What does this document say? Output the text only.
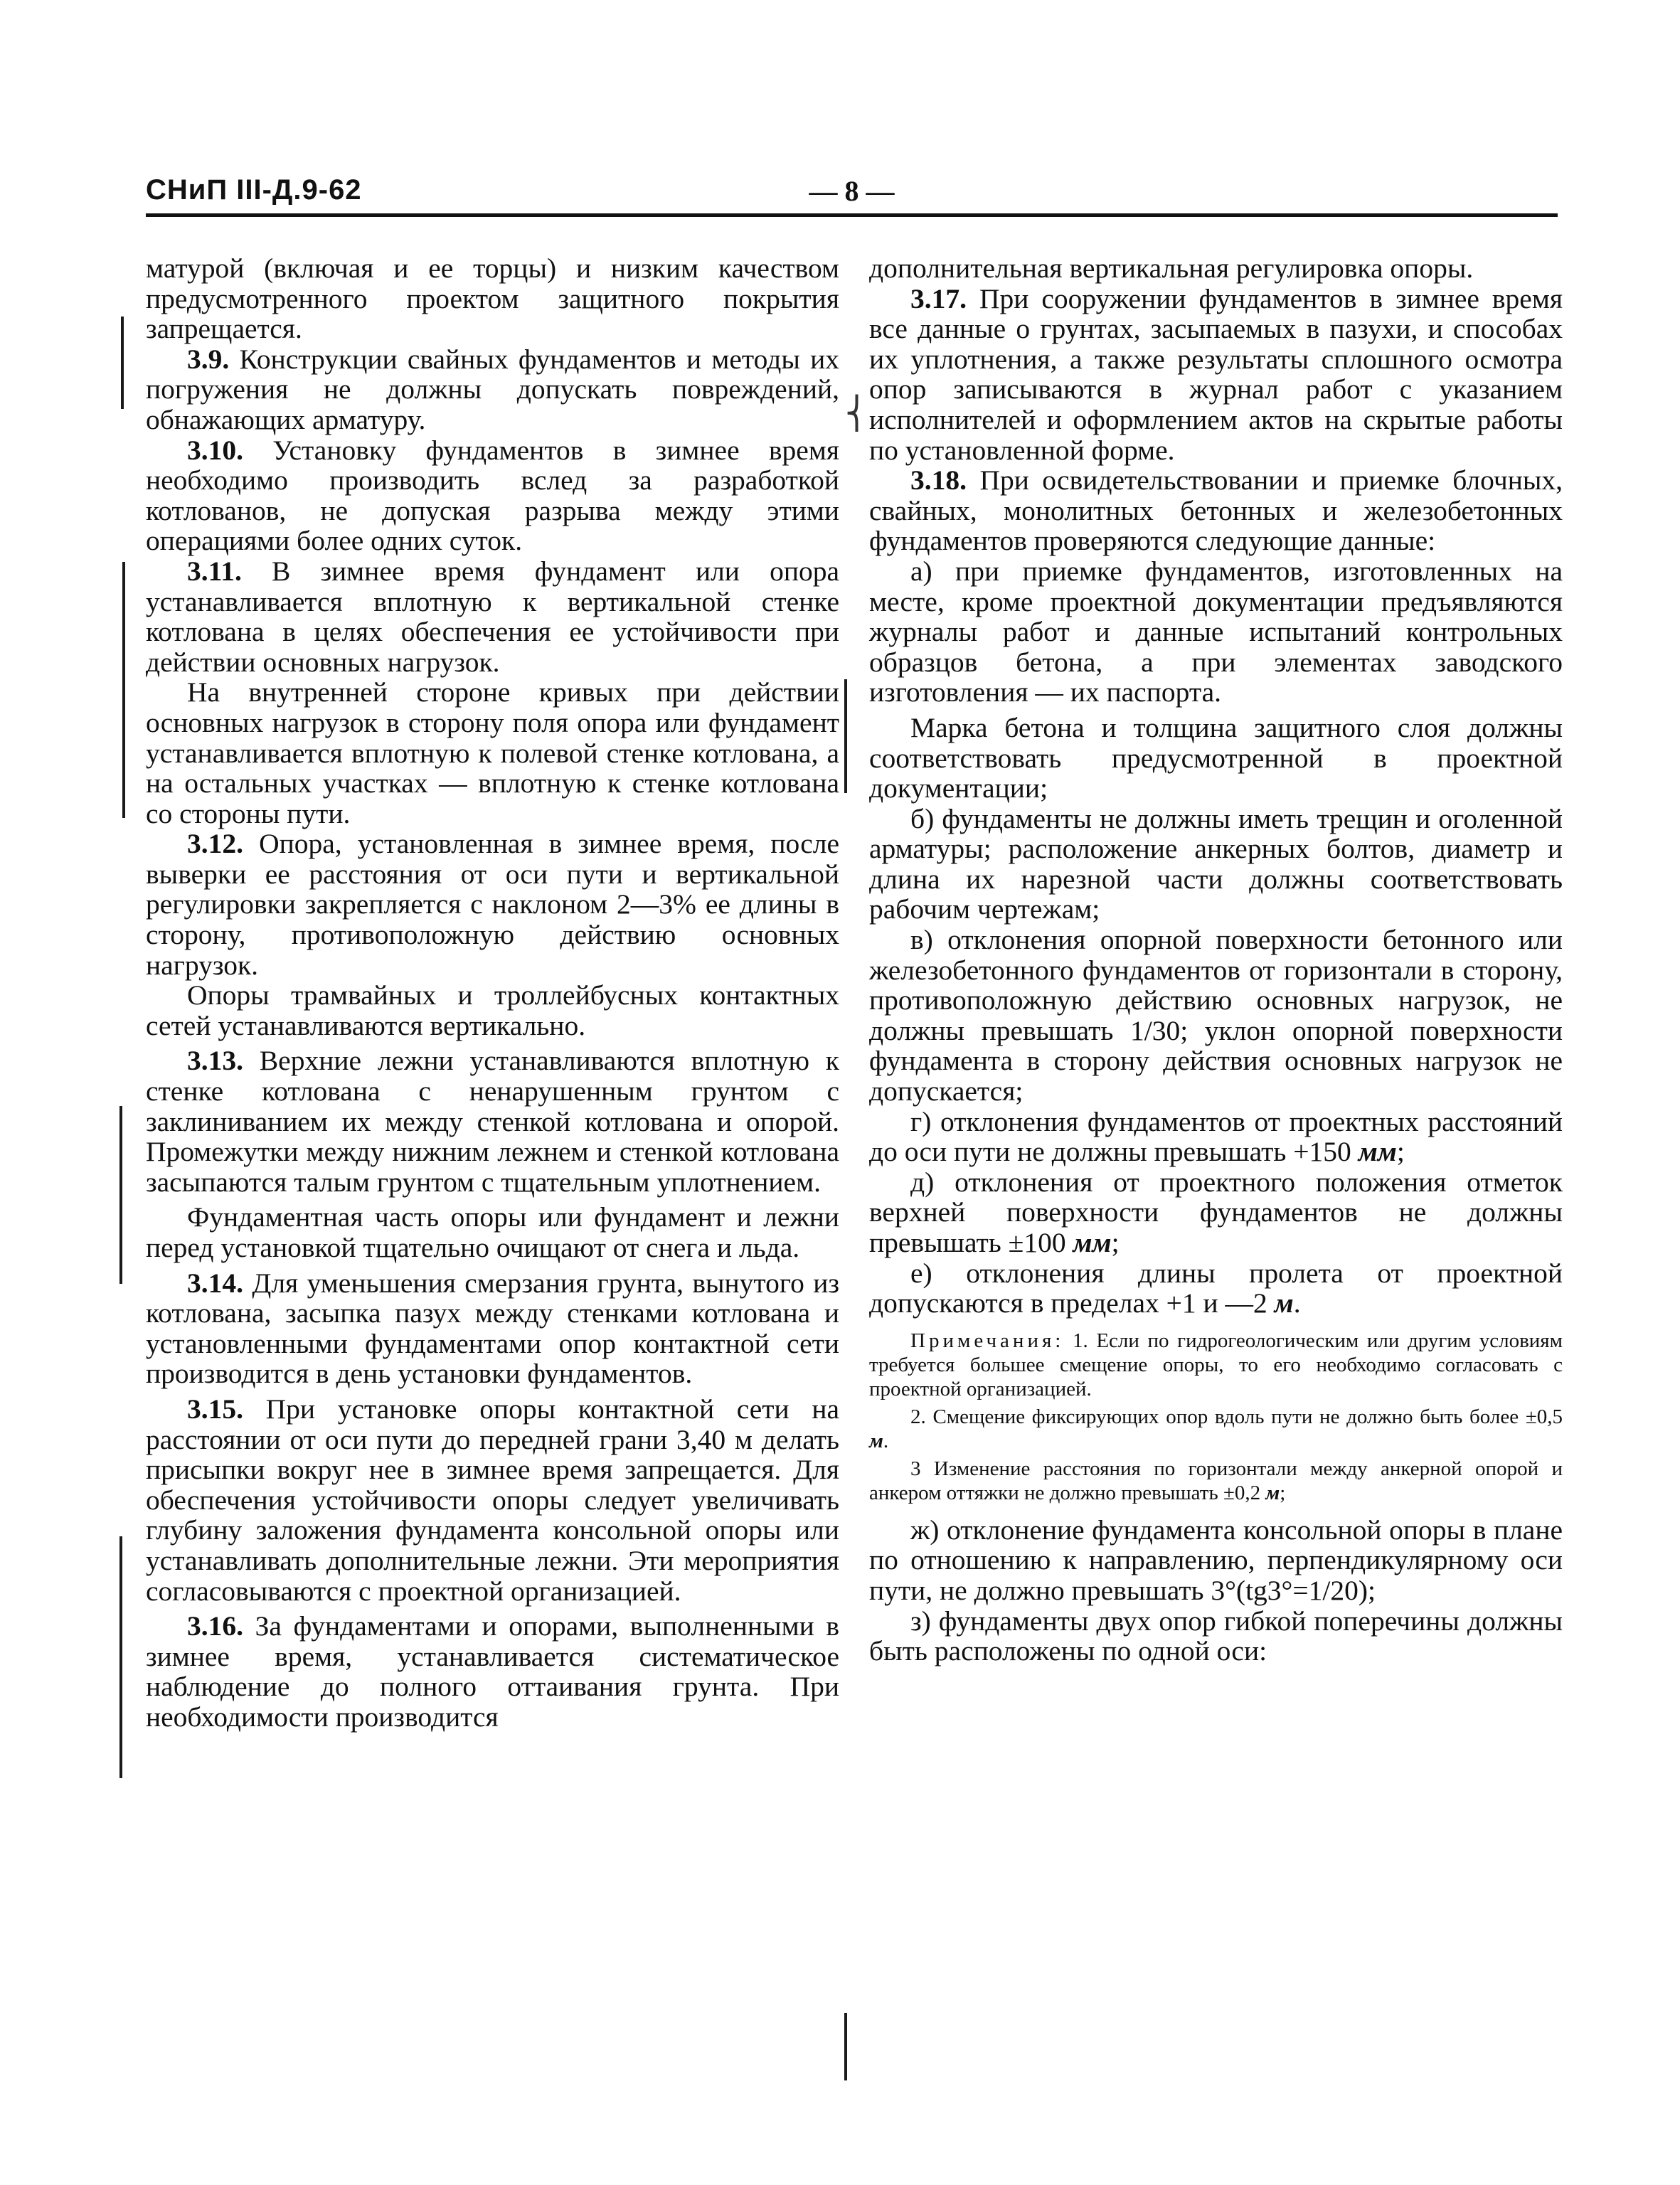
СНиП III-Д.9-62	— 8 —
⎨

матурой (включая и ее торцы) и низким качеством предусмотренного проектом защитного покрытия запрещается.

3.9. Конструкции свайных фундаментов и методы их погружения не должны допускать повреждений, обнажающих арматуру.

3.10. Установку фундаментов в зимнее время необходимо производить вслед за разработкой котлованов, не допуская разрыва между этими операциями более одних суток.

3.11. В зимнее время фундамент или опора устанавливается вплотную к вертикальной стенке котлована в целях обеспечения ее устойчивости при действии основных нагрузок.

На внутренней стороне кривых при действии основных нагрузок в сторону поля опора или фундамент устанавливается вплотную к полевой стенке котлована, а на остальных участках — вплотную к стенке котлована со стороны пути.

3.12. Опора, установленная в зимнее время, после выверки ее расстояния от оси пути и вертикальной регулировки закрепляется с наклоном 2—3% ее длины в сторону, противоположную действию основных нагрузок.

Опоры трамвайных и троллейбусных контактных сетей устанавливаются вертикально.

3.13. Верхние лежни устанавливаются вплотную к стенке котлована с ненарушенным грунтом с заклиниванием их между стенкой котлована и опорой. Промежутки между нижним лежнем и стенкой котлована засыпаются талым грунтом с тщательным уплотнением.

Фундаментная часть опоры или фундамент и лежни перед установкой тщательно очищают от снега и льда.

3.14. Для уменьшения смерзания грунта, вынутого из котлована, засыпка пазух между стенками котлована и установленными фундаментами опор контактной сети производится в день установки фундаментов.

3.15. При установке опоры контактной сети на расстоянии от оси пути до передней грани 3,40 м делать присыпки вокруг нее в зимнее время запрещается. Для обеспечения устойчивости опоры следует увеличивать глубину заложения фундамента консольной опоры или устанавливать дополнительные лежни. Эти мероприятия согласовываются с проектной организацией.

3.16. За фундаментами и опорами, выполненными в зимнее время, устанавливается систематическое наблюдение до полного оттаивания грунта. При необходимости производится

дополнительная вертикальная регулировка опоры.

3.17. При сооружении фундаментов в зимнее время все данные о грунтах, засыпаемых в пазухи, и способах их уплотнения, а также результаты сплошного осмотра опор записываются в журнал работ с указанием исполнителей и оформлением актов на скрытые работы по установленной форме.

3.18. При освидетельствовании и приемке блочных, свайных, монолитных бетонных и железобетонных фундаментов проверяются следующие данные:

а) при приемке фундаментов, изготовленных на месте, кроме проектной документации предъявляются журналы работ и данные испытаний контрольных образцов бетона, а при элементах заводского изготовления — их паспорта.

Марка бетона и толщина защитного слоя должны соответствовать предусмотренной в проектной документации;

б) фундаменты не должны иметь трещин и оголенной арматуры; расположение анкерных болтов, диаметр и длина их нарезной части должны соответствовать рабочим чертежам;

в) отклонения опорной поверхности бетонного или железобетонного фундаментов от горизонтали в сторону, противоположную действию основных нагрузок, не должны превышать 1/30; уклон опорной поверхности фундамента в сторону действия основных нагрузок не допускается;

г) отклонения фундаментов от проектных расстояний до оси пути не должны превышать +150 мм;

д) отклонения от проектного положения отметок верхней поверхности фундаментов не должны превышать ±100 мм;

е) отклонения длины пролета от проектной допускаются в пределах +1 и —2 м.

Примечания: 1. Если по гидрогеологическим или другим условиям требуется большее смещение опоры, то его необходимо согласовать с проектной организацией.

2. Смещение фиксирующих опор вдоль пути не должно быть более ±0,5 м.

3 Изменение расстояния по горизонтали между анкерной опорой и анкером оттяжки не должно превышать ±0,2 м;

ж) отклонение фундамента консольной опоры в плане по отношению к направлению, перпендикулярному оси пути, не должно превышать 3°(tg3°=1/20);

з) фундаменты двух опор гибкой поперечины должны быть расположены по одной оси:
